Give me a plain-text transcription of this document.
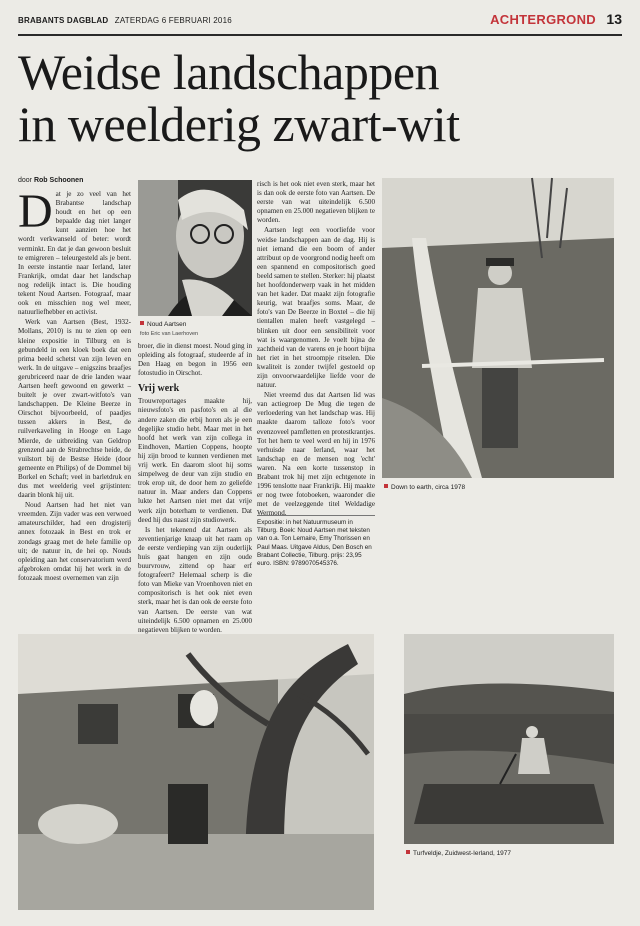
BRABANTS DAGBLAD ZATERDAG 6 FEBRUARI 2016	ACHTERGROND 13
Weidse landschappen
in weelderig zwart-wit
door Rob Schoonen

Dat je zo veel van het Brabantse landschap houdt en het op een bepaalde dag niet langer kunt aanzien hoe het wordt verkwanseld of beter: wordt verminkt. En dat je dan gewoon besluit te emigreren – teleurgesteld als je bent. In eerste instantie naar Ierland, later Frankrijk, omdat daar het landschap nog redelijk intact is. Die houding tekent Noud Aartsen. Fotograaf, maar ook en misschien nog wel meer, natuurliefhebber en activist.

Werk van Aartsen (Best, 1932-Mollans, 2010) is nu te zien op een kleine expositie in Tilburg en is gebundeld in een kloek boek dat een prima beeld schetst van zijn leven en werk. In de uitgave – enigszins braafjes gerubriceerd naar de drie landen waar Aartsen heeft gewoond en gewerkt – buitelt je over zwart-witfoto's van landschappen. De Kleine Beerze in Oirschot bijvoorbeeld, of paadjes tussen akkers in Best, de ruilverkaveling in Hooge en Lage Mierde, de uitbreiding van Geldrop grenzend aan de Strabrechtse heide, de vuilstort bij de Bestse Heide (door gemeente en Philips) of de Dommel bij Borkel en Schaft; veel in barletdruk en dus met weelderig veel grijstinten: daarin blonk hij uit.

Noud Aartsen had het niet van vreemden. Zijn vader was een verwoed amateurschilder, had een drogisterij annex fotozaak in Best en trok er zondags graag met de hele familie op uit; de natuur in, de hei op. Nouds opleiding aan het conservatorium werd afgebroken omdat hij het werk in de fotozaak moest overnemen van zijn

Noud Aartsen
foto Eric van Laerhoven

broer, die in dienst moest. Noud ging in opleiding als fotograaf, studeerde af in Den Haag en begon in 1956 een fotostudio in Oirschot.

Vrij werk

Trouwreportages maakte hij, nieuwsfoto's en pasfoto's en al die andere zaken die erbij horen als je een degelijke studio hebt. Maar met in het hoofd het werk van zijn collega in Eindhoven, Martien Coppens, hoopte hij zijn brood te kunnen verdienen met vrij werk. En daarom sloot hij soms simpelweg de deur van zijn studio en trok erop uit, de door hem zo geliefde natuur in. Maar anders dan Coppens lukte het Aartsen niet met dat vrije werk zijn boterham te verdienen. Dat deed hij dus naast zijn studiowerk.

Is het tekenend dat Aartsen als zeventienjarige knaap uit het raam op de eerste verdieping van zijn ouderlijk huis gaat hangen en zijn oude buurvrouw, zittend op haar erf fotografeert? Helemaal scherp is die foto van Mieke van Vroenhoven niet en compositorisch is het ook niet even sterk, maar het is dan ook de eerste foto van Aartsen. De eerste van wat uiteindelijk 6.500 opnamen en 25.000 negatieven blijken te worden.

risch is het ook niet even sterk, maar het is dan ook de eerste foto van Aartsen. De eerste van wat uiteindelijk 6.500 opnamen en 25.000 negatieven blijken te worden.

Aartsen legt een voorliefde voor weidse landschappen aan de dag. Hij is niet iemand die een boom of ander attribuut op de voorgrond nodig heeft om een spannend en compositorisch goed beeld samen te stellen. Sterker: hij plaatst het hoofdonderwerp vaak in het midden van het kader. Dat maakt zijn fotografie keurig, wat braafjes soms. Maar, de foto's van De Beerze in Boxtel – die hij tientallen malen heeft vastgelegd – blinken uit door een sensibiliteit voor wat is waargenomen. Je voelt bijna de zachtheid van de varens en je hoort bijna het riet in het stroompje ritselen. Die kwaliteit is zonder twijfel gestoeld op zijn onvoorwaardelijke liefde voor de natuur.

Niet vreemd dus dat Aartsen lid was van actiegroep De Mug die tegen de verloedering van het landschap was. Hij maakte daarom talloze foto's voor evenzoveel pamfletten en protestkrantjes. Tot het hem te veel werd en hij in 1976 verhuisde naar Ierland, waar het landschap en de mensen nog 'echt' waren. Na een korte tussenstop in Brabant trok hij met zijn echtgenote in 1996 tenslotte naar Frankrijk. Hij maakte er nog twee fotoboeken, waaronder die met de veelzeggende titel Weldadige Wermond.

Expositie: in het Natuurmuseum in Tilburg. Boek: Noud Aartsen met teksten van o.a. Ton Lemaire, Emy Thorissen en Paul Maas. Uitgave Aldus, Den Bosch en Brabant Collectie, Tilburg. prijs: 23,95 euro. ISBN: 9789070545376.
Down to earth, circa 1978
Turfveldje, Zuidwest-Ierland, 1977
